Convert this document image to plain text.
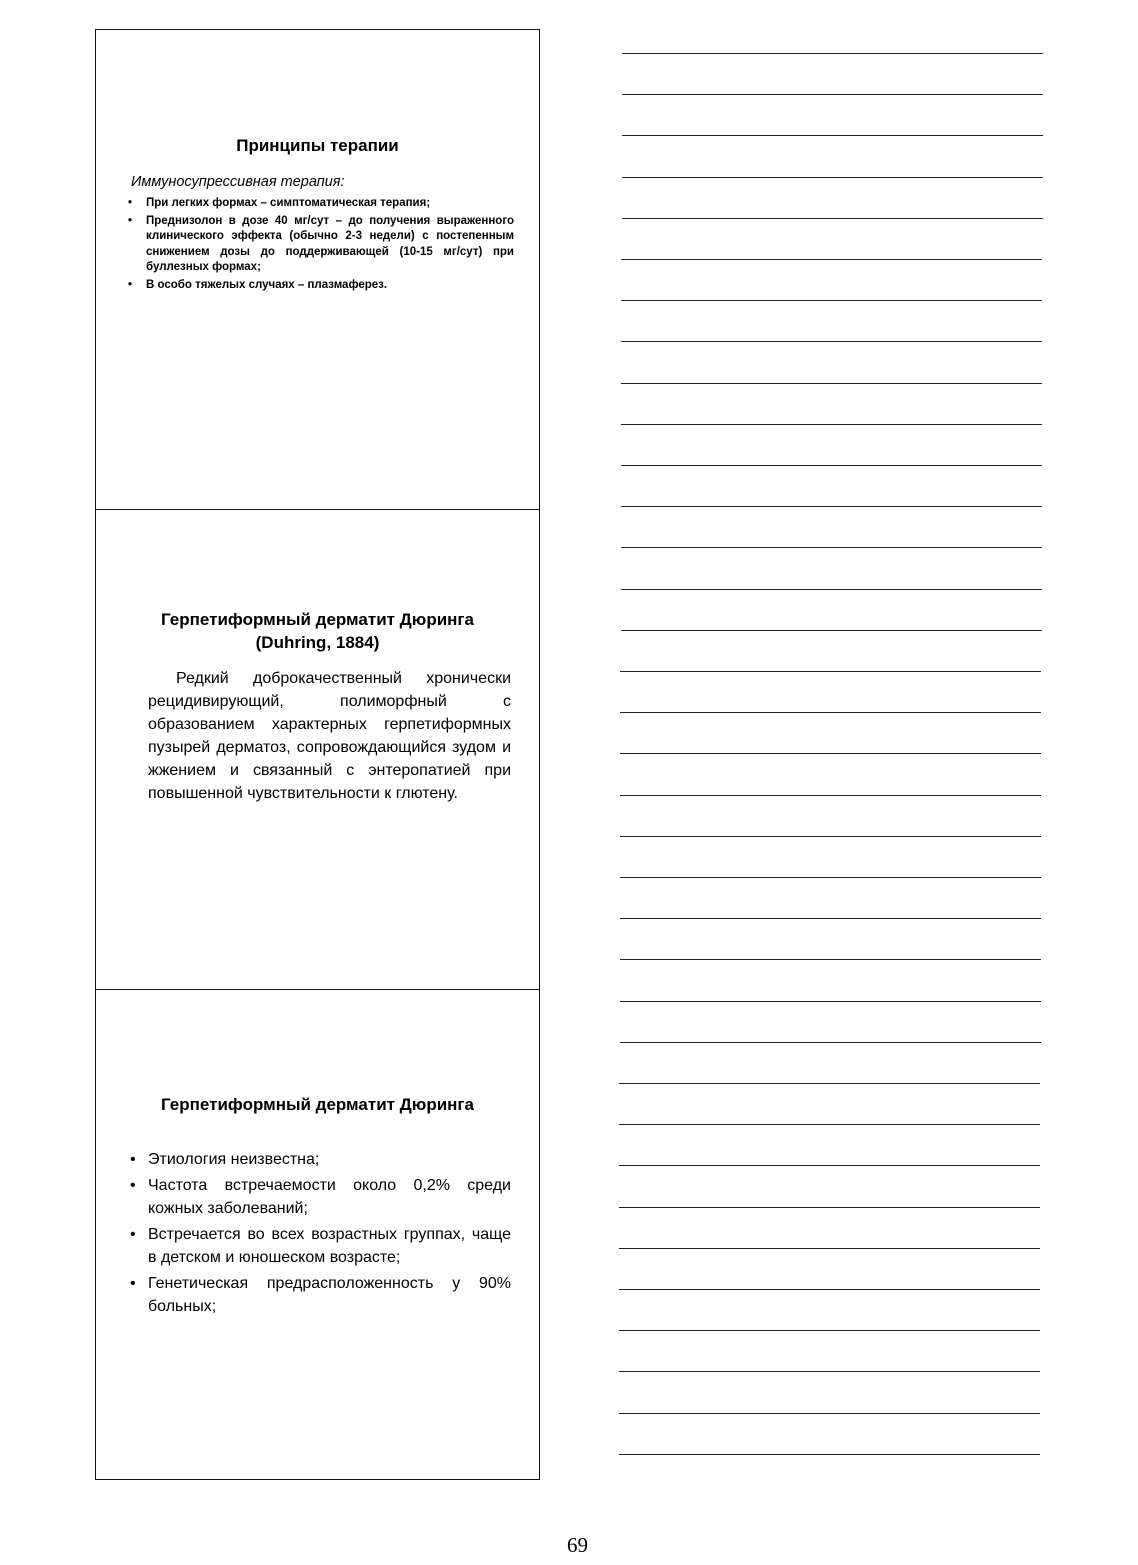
Принципы терапии
Иммуносупрессивная терапия:
• При легких формах – симптоматическая терапия;
• Преднизолон в дозе 40 мг/сут – до получения выраженного клинического эффекта (обычно 2-3 недели) с постепенным снижением дозы до поддерживающей (10-15 мг/сут) при буллезных формах;
• В особо тяжелых случаях – плазмаферез.
Герпетиформный дерматит Дюринга
(Duhring, 1884)

Редкий доброкачественный хронически рецидивирующий, полиморфный с образованием характерных герпетиформных пузырей дерматоз, сопровождающийся зудом и жжением и связанный с энтеропатией при повышенной чувствительности к глютену.

Герпетиформный дерматит Дюринга
• Этиология неизвестна;
• Частота встречаемости около 0,2% среди кожных заболеваний;
• Встречается во всех возрастных группах, чаще в детском и юношеском возрасте;
• Генетическая предрасположенность у 90% больных;
69
